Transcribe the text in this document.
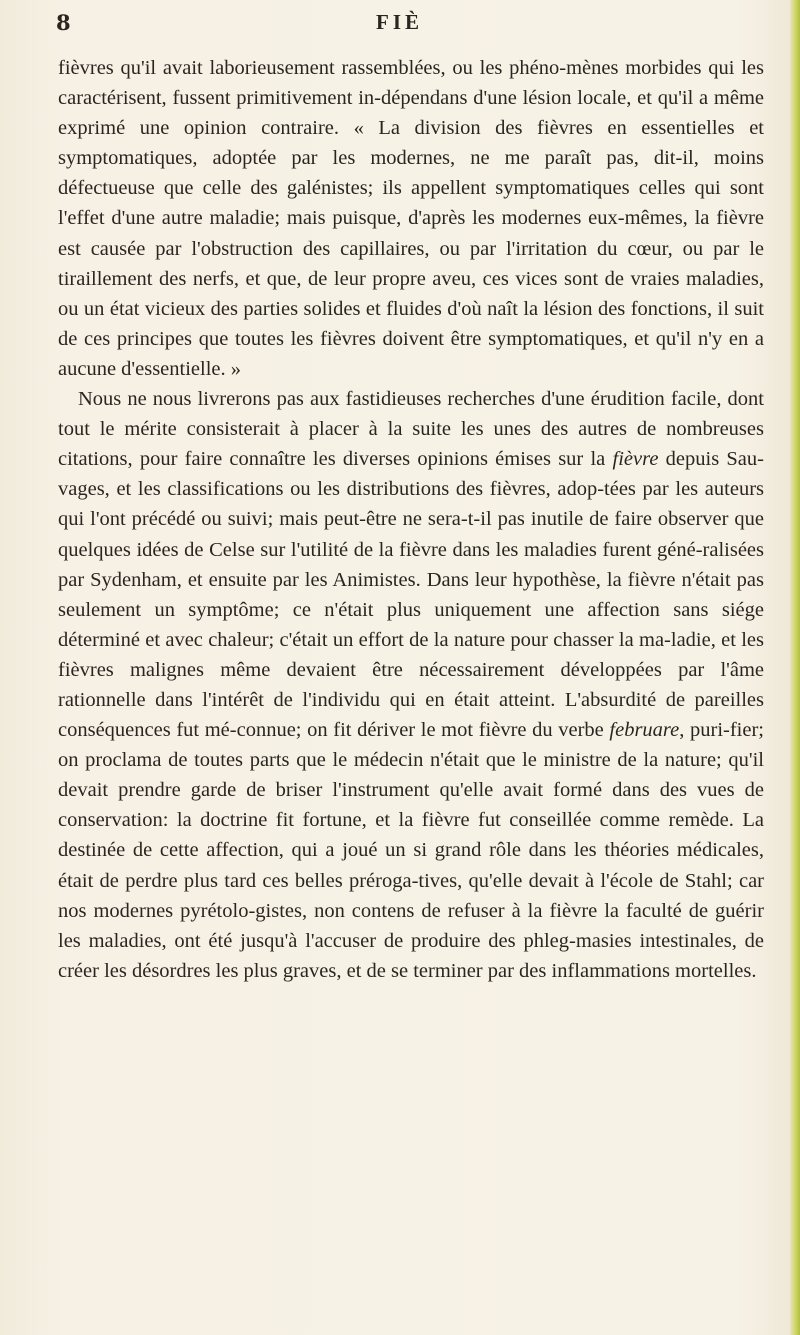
8	FIÈ

fièvres qu'il avait laborieusement rassemblées, ou les phéno-mènes morbides qui les caractérisent, fussent primitivement in-dépendans d'une lésion locale, et qu'il a même exprimé une opinion contraire. « La division des fièvres en essentielles et symptomatiques, adoptée par les modernes, ne me paraît pas, dit-il, moins défectueuse que celle des galénistes; ils appellent symptomatiques celles qui sont l'effet d'une autre maladie; mais puisque, d'après les modernes eux-mêmes, la fièvre est causée par l'obstruction des capillaires, ou par l'irritation du cœur, ou par le tiraillement des nerfs, et que, de leur propre aveu, ces vices sont de vraies maladies, ou un état vicieux des parties solides et fluides d'où naît la lésion des fonctions, il suit de ces principes que toutes les fièvres doivent être symptomatiques, et qu'il n'y en a aucune d'essentielle. »

Nous ne nous livrerons pas aux fastidieuses recherches d'une érudition facile, dont tout le mérite consisterait à placer à la suite les unes des autres de nombreuses citations, pour faire connaître les diverses opinions émises sur la fièvre depuis Sau-vages, et les classifications ou les distributions des fièvres, adop-tées par les auteurs qui l'ont précédé ou suivi; mais peut-être ne sera-t-il pas inutile de faire observer que quelques idées de Celse sur l'utilité de la fièvre dans les maladies furent géné-ralisées par Sydenham, et ensuite par les Animistes. Dans leur hypothèse, la fièvre n'était pas seulement un symptôme; ce n'était plus uniquement une affection sans siége déterminé et avec chaleur; c'était un effort de la nature pour chasser la ma-ladie, et les fièvres malignes même devaient être nécessairement développées par l'âme rationnelle dans l'intérêt de l'individu qui en était atteint. L'absurdité de pareilles conséquences fut mé-connue; on fit dériver le mot fièvre du verbe februare, puri-fier; on proclama de toutes parts que le médecin n'était que le ministre de la nature; qu'il devait prendre garde de briser l'instrument qu'elle avait formé dans des vues de conservation: la doctrine fit fortune, et la fièvre fut conseillée comme remède. La destinée de cette affection, qui a joué un si grand rôle dans les théories médicales, était de perdre plus tard ces belles préroga-tives, qu'elle devait à l'école de Stahl; car nos modernes pyrétolo-gistes, non contens de refuser à la fièvre la faculté de guérir les maladies, ont été jusqu'à l'accuser de produire des phleg-masies intestinales, de créer les désordres les plus graves, et de se terminer par des inflammations mortelles.
